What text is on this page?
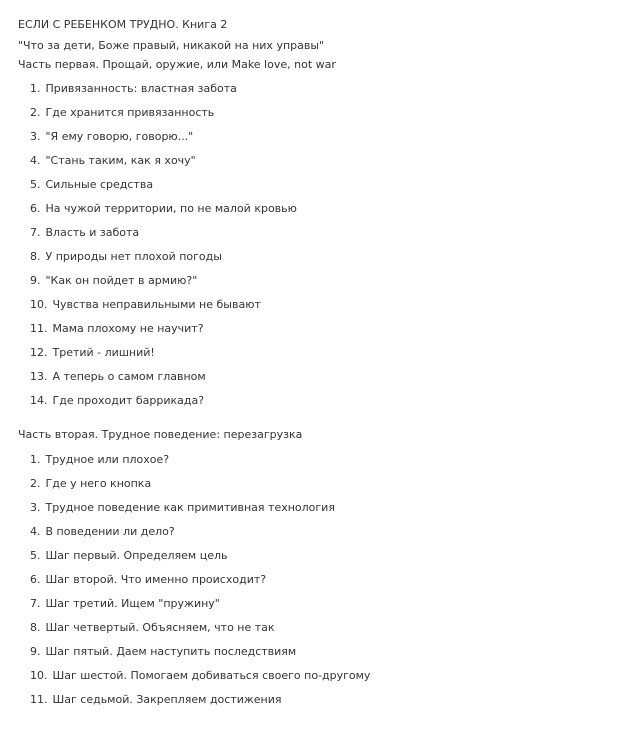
ЕСЛИ С РЕБЕНКОМ ТРУДНО. Книга 2
"Что за дети, Боже правый, никакой на них управы"
Часть первая. Прощай, оружие, или Make love, not war
1. Привязанность: властная забота
2. Где хранится привязанность
3. "Я ему говорю, говорю..."
4. "Стань таким, как я хочу"
5. Сильные средства
6. На чужой территории, по не малой кровью
7. Власть и забота
8. У природы нет плохой погоды
9. "Как он пойдет в армию?"
10. Чувства неправильными не бывают
11. Мама плохому не научит?
12. Третий - лишний!
13. А теперь о самом главном
14. Где проходит баррикада?
Часть вторая. Трудное поведение: перезагрузка
1. Трудное или плохое?
2. Где у него кнопка
3. Трудное поведение как примитивная технология
4. В поведении ли дело?
5. Шаг первый. Определяем цель
6. Шаг второй. Что именно происходит?
7. Шаг третий. Ищем "пружину"
8. Шаг четвертый. Объясняем, что не так
9. Шаг пятый. Даем наступить последствиям
10. Шаг шестой. Помогаем добиваться своего по-другому
11. Шаг седьмой. Закрепляем достижения
